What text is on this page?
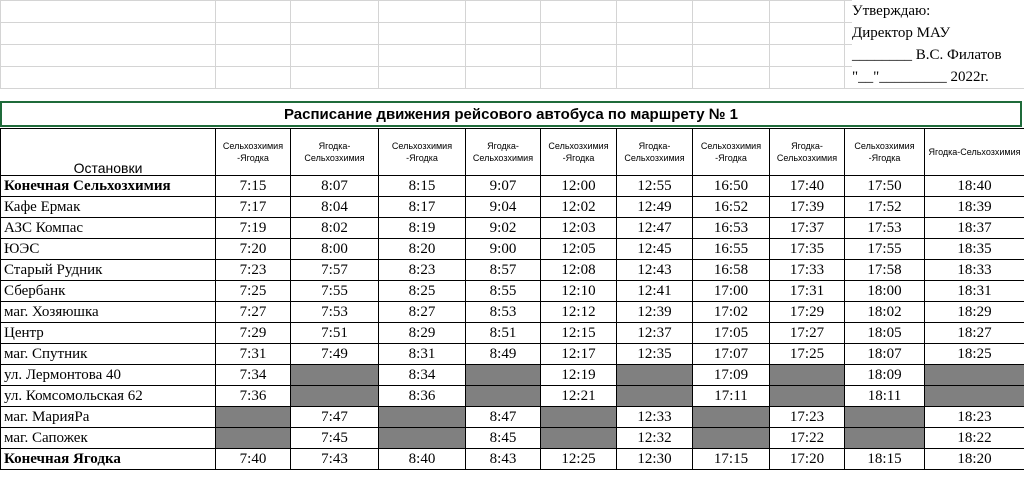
Утверждаю:
Директор МАУ
________ В.С. Филатов
"__"_________ 2022г.
Расписание движения рейсового автобуса по маршрету № 1
Остановки	Сельхозхимия -Ягодка	Ягодка-Сельхозхимия	Сельхозхимия -Ягодка	Ягодка-Сельхозхимия	Сельхозхимия -Ягодка	Ягодка-Сельхозхимия	Сельхозхимия -Ягодка	Ягодка-Сельхозхимия	Сельхозхимия -Ягодка	Ягодка-Сельхозхимия
Конечная Сельхозхимия	7:15	8:07	8:15	9:07	12:00	12:55	16:50	17:40	17:50	18:40
Кафе Ермак	7:17	8:04	8:17	9:04	12:02	12:49	16:52	17:39	17:52	18:39
АЗС Компас	7:19	8:02	8:19	9:02	12:03	12:47	16:53	17:37	17:53	18:37
ЮЭС	7:20	8:00	8:20	9:00	12:05	12:45	16:55	17:35	17:55	18:35
Старый Рудник	7:23	7:57	8:23	8:57	12:08	12:43	16:58	17:33	17:58	18:33
Сбербанк	7:25	7:55	8:25	8:55	12:10	12:41	17:00	17:31	18:00	18:31
маг. Хозяюшка	7:27	7:53	8:27	8:53	12:12	12:39	17:02	17:29	18:02	18:29
Центр	7:29	7:51	8:29	8:51	12:15	12:37	17:05	17:27	18:05	18:27
маг. Спутник	7:31	7:49	8:31	8:49	12:17	12:35	17:07	17:25	18:07	18:25
ул. Лермонтова 40	7:34		8:34		12:19		17:09		18:09	
ул. Комсомольская 62	7:36		8:36		12:21		17:11		18:11	
маг. МарияРа		7:47		8:47		12:33		17:23		18:23
маг. Сапожек		7:45		8:45		12:32		17:22		18:22
Конечная Ягодка	7:40	7:43	8:40	8:43	12:25	12:30	17:15	17:20	18:15	18:20
